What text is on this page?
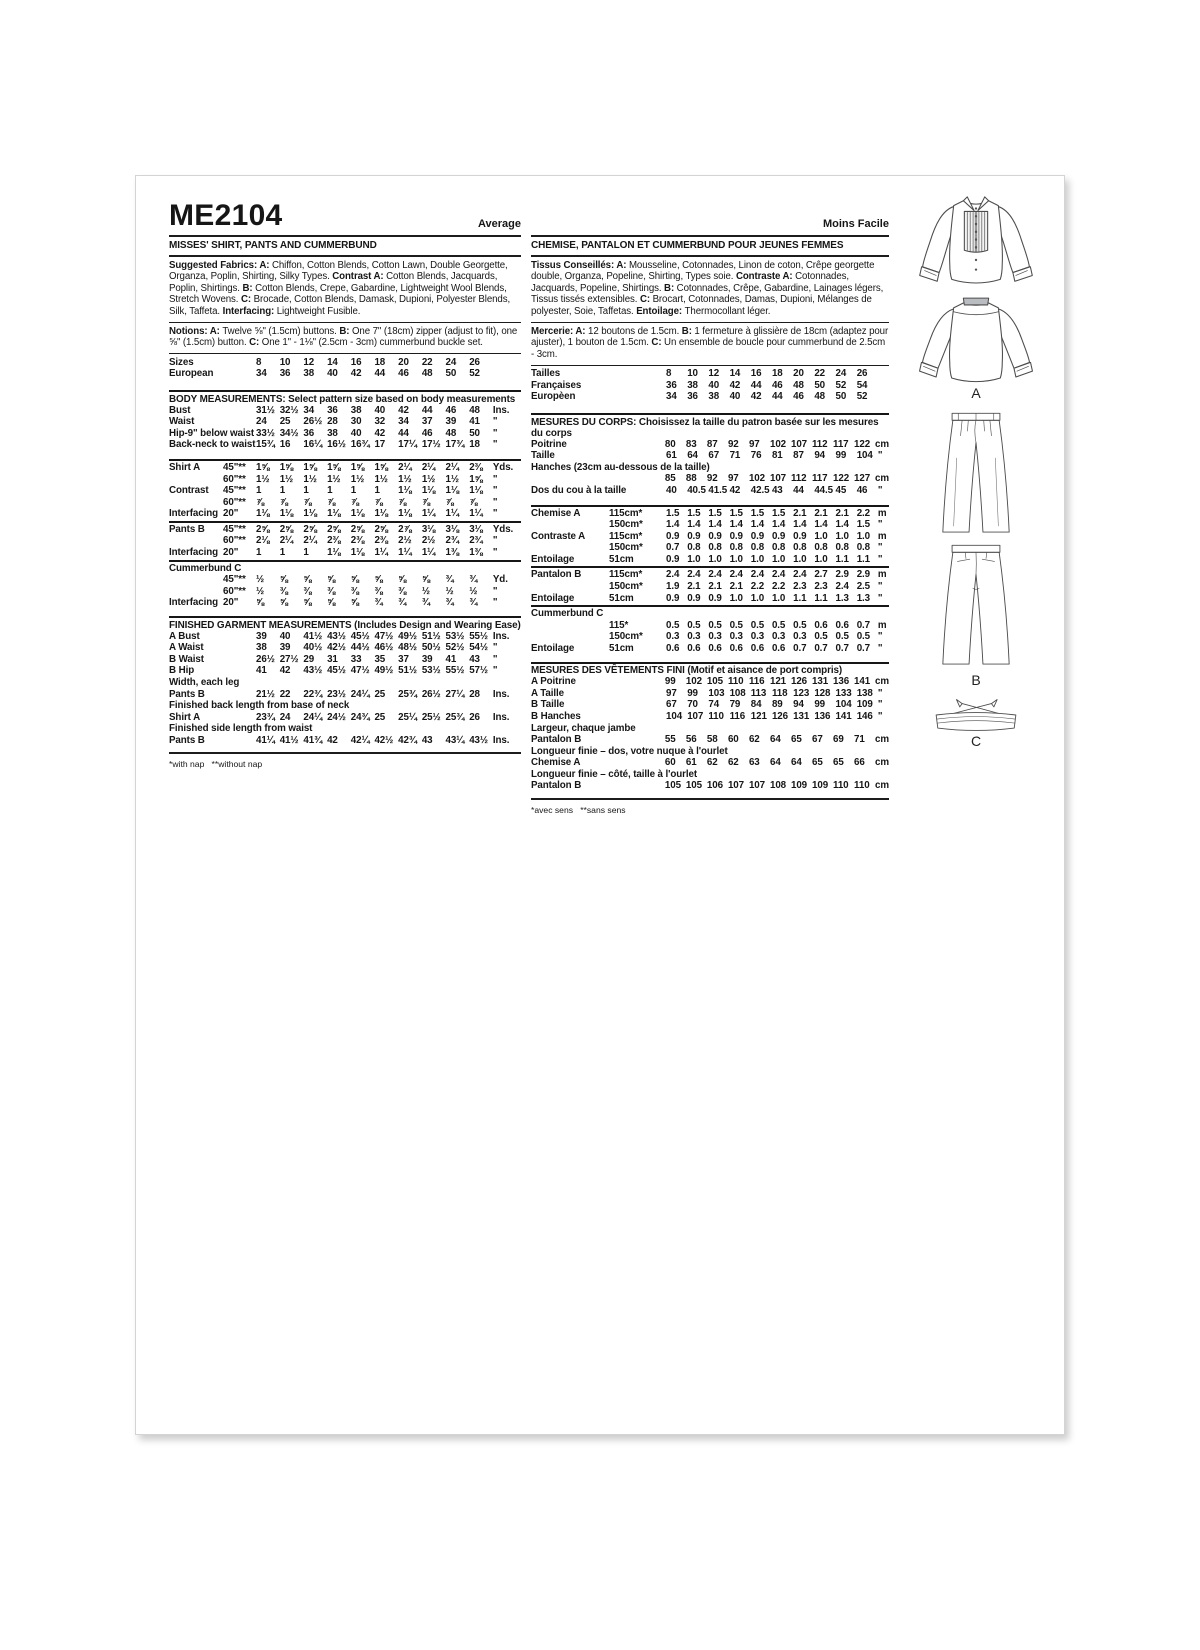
ME2104	Average
MISSES' SHIRT, PANTS AND CUMMERBUND

Suggested Fabrics: A: Chiffon, Cotton Blends, Cotton Lawn, Double Georgette, Organza, Poplin, Shirting, Silky Types. Contrast A: Cotton Blends, Jacquards, Poplin, Shirtings. B: Cotton Blends, Crepe, Gabardine, Lightweight Wool Blends, Stretch Wovens. C: Brocade, Cotton Blends, Damask, Dupioni, Polyester Blends, Silk, Taffeta. Interfacing: Lightweight Fusible.

Notions: A: Twelve ⅝" (1.5cm) buttons. B: One 7" (18cm) zipper (adjust to fit), one ⅝" (1.5cm) button. C: One 1" - 1⅛" (2.5cm - 3cm) cummerbund buckle set.

Sizes	8	10	12	14	16	18	20	22	24	26
European	34	36	38	40	42	44	46	48	50	52
BODY MEASUREMENTS: Select pattern size based on body measurements
Bust	31½ 32½ 34	36	38	40	42	44	46	48	Ins.
Waist	24	25	26½ 28	30	32	34	37	39	41	"
Hip-9" below waist 33½ 34½ 36	38	40	42	44	46	48	50	"
Back-neck to waist 15¾ 16	16¼ 16½ 16¾ 17	17¼ 17½ 17¾ 18	"
Shirt A	45"**	1⅝	1⅝	1⅝	1⅝	1⅝	1⅝	2¼	2¼	2¼	2⅜	Yds.
60"**	1½	1½	1½	1½	1½	1½	1½	1½	1½	1⅝	"
Contrast	45"**	1	1	1	1	1	1	1⅛	1⅛	1⅛	1⅛	"
60"**	⅞	⅞	⅞	⅞	⅞	⅞	⅞	⅞	⅞	⅞	"
Interfacing 20"	1⅛	1⅛	1⅛	1⅛	1⅛	1⅛	1⅛	1¼	1¼	1¼	"
Pants B	45"**	2⅝	2⅝	2⅝	2⅝	2⅝	2⅝	2⅞	3⅛	3⅛	3⅛	Yds.
60"**	2⅛	2¼	2¼	2⅜	2⅜	2⅜	2½	2½	2¾	2¾	"
Interfacing 20"	1	1	1	1⅛	1⅛	1¼	1¼	1¼	1⅜	1⅜	"
Cummerbund C
45"**	½	⅝	⅝	⅝	⅝	⅝	⅝	⅝	¾	¾	Yd.
60"**	½	⅜	⅜	⅜	⅜	⅜	⅜	½	½	½	"
Interfacing 20"	⅝	⅝	⅝	⅝	⅝	¾	¾	¾	¾	¾	"
FINISHED GARMENT MEASUREMENTS (Includes Design and Wearing Ease)
A Bust	39	40	41½ 43½ 45½ 47½ 49½ 51½ 53½ 55½ Ins.
A Waist	38	39	40½ 42½ 44½ 46½ 48½ 50½ 52½ 54½ "
B Waist	26½ 27½ 29	31	33	35	37	39	41	43	"
B Hip	41	42	43½ 45½ 47½ 49½ 51½ 53½ 55½ 57½ "
Width, each leg
Pants B	21½ 22	22¾ 23½ 24¼ 25	25¾ 26½ 27¼ 28	Ins.
Finished back length from base of neck
Shirt A	23¾ 24	24¼ 24½ 24¾ 25	25¼ 25½ 25¾ 26	Ins.
Finished side length from waist
Pants B	41¼ 41½ 41¾ 42	42¼ 42½ 42¾ 43	43¼ 43½ Ins.
*with nap   **without nap
Moins Facile
CHEMISE, PANTALON ET CUMMERBUND POUR JEUNES FEMMES

Tissus Conseillés: A: Mousseline, Cotonnades, Linon de coton, Crêpe georgette double, Organza, Popeline, Shirting, Types soie. Contraste A: Cotonnades, Jacquards, Popeline, Shirtings. B: Cotonnades, Crêpe, Gabardine, Lainages légers, Tissus tissés extensibles. C: Brocart, Cotonnades, Damas, Dupioni, Mélanges de polyester, Soie, Taffetas. Entoilage: Thermocollant léger.

Mercerie: A: 12 boutons de 1.5cm. B: 1 fermeture à glissière de 18cm (adaptez pour ajuster), 1 bouton de 1.5cm. C: Un ensemble de boucle pour cummerbund de 2.5cm - 3cm.

Tailles	8	10	12	14	16	18	20	22	24	26
Françaises	36	38	40	42	44	46	48	50	52	54
Europèen	34	36	38	40	42	44	46	48	50	52
MESURES DU CORPS: Choisissez la taille du patron basée sur les mesures du corps
Poitrine	80	83	87	92	97	102 107 112 117 122 cm
Taille	61	64	67	71	76	81	87	94	99	104 "
Hanches (23cm au-dessous de la taille)
85	88	92	97	102 107 112 117 122 127 cm
Dos du cou à la taille	40	40.5 41.5 42	42.5 43	44	44.5 45	46	"
Chemise A	115cm*	1.5 1.5 1.5 1.5 1.5 1.5 2.1 2.1 2.1 2.2 m
150cm*	1.4 1.4 1.4 1.4 1.4 1.4 1.4 1.4 1.4 1.5 "
Contraste A	115cm*	0.9 0.9 0.9 0.9 0.9 0.9 0.9 1.0 1.0 1.0 m
150cm*	0.7 0.8 0.8 0.8 0.8 0.8 0.8 0.8 0.8 0.8 "
Entoilage	51cm	0.9 1.0 1.0 1.0 1.0 1.0 1.0 1.0 1.1 1.1 "
Pantalon B	115cm*	2.4 2.4 2.4 2.4 2.4 2.4 2.4 2.7 2.9 2.9 m
150cm*	1.9 2.1 2.1 2.1 2.2 2.2 2.3 2.3 2.4 2.5 "
Entoilage	51cm	0.9 0.9 0.9 1.0 1.0 1.0 1.1 1.1 1.3 1.3 "
Cummerbund C
115*	0.5 0.5 0.5 0.5 0.5 0.5 0.5 0.6 0.6 0.7 m
150cm*	0.3 0.3 0.3 0.3 0.3 0.3 0.3 0.5 0.5 0.5 "
Entoilage	51cm	0.6 0.6 0.6 0.6 0.6 0.6 0.7 0.7 0.7 0.7 "
MESURES DES VÊTEMENTS FINI (Motif et aisance de port compris)
A Poitrine	99	102 105 110 116 121 126 131 136 141 cm
A Taille	97	99	103 108 113 118 123 128 133 138 "
B Taille	67	70	74	79	84	89	94	99	104 109 "
B Hanches	104 107 110 116 121 126 131 136 141 146 "
Largeur, chaque jambe
Pantalon B	55	56	58	60	62	64	65	67	69	71	cm
Longueur finie – dos, votre nuque à l'ourlet
Chemise A	60	61	62	62	63	64	64	65	65	66	cm
Longueur finie – côté, taille à l'ourlet
Pantalon B	105 105 106 107 107 108 109 109 110 110 cm
*avec sens   **sans sens
A
B
C
